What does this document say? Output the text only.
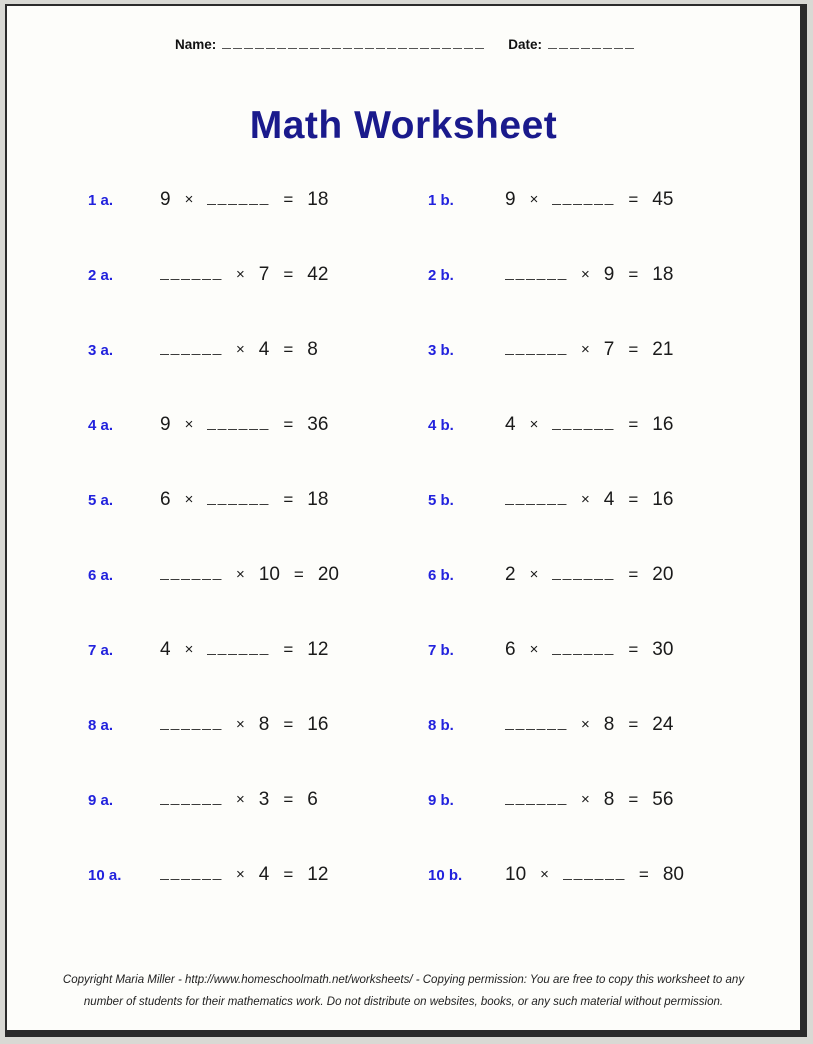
Name:	Date:
Math Worksheet
1 a.	9 ×	= 18	1 b.	9 ×	= 45
2 a.	× 7 = 42	2 b.	× 9 = 18
3 a.	× 4 = 8	3 b.	× 7 = 21
4 a.	9 ×	= 36	4 b.	4 ×	= 16
5 a.	6 ×	= 18	5 b.	× 4 = 16
6 a.	× 10 = 20	6 b.	2 ×	= 20
7 a.	4 ×	= 12	7 b.	6 ×	= 30
8 a.	× 8 = 16	8 b.	× 8 = 24
9 a.	× 3 = 6	9 b.	× 8 = 56
10 a.	× 4 = 12	10 b.	10 ×	= 80
Copyright Maria Miller - http://www.homeschoolmath.net/worksheets/ - Copying permission: You are free to copy this worksheet to any number of students for their mathematics work. Do not distribute on websites, books, or any such material without permission.
